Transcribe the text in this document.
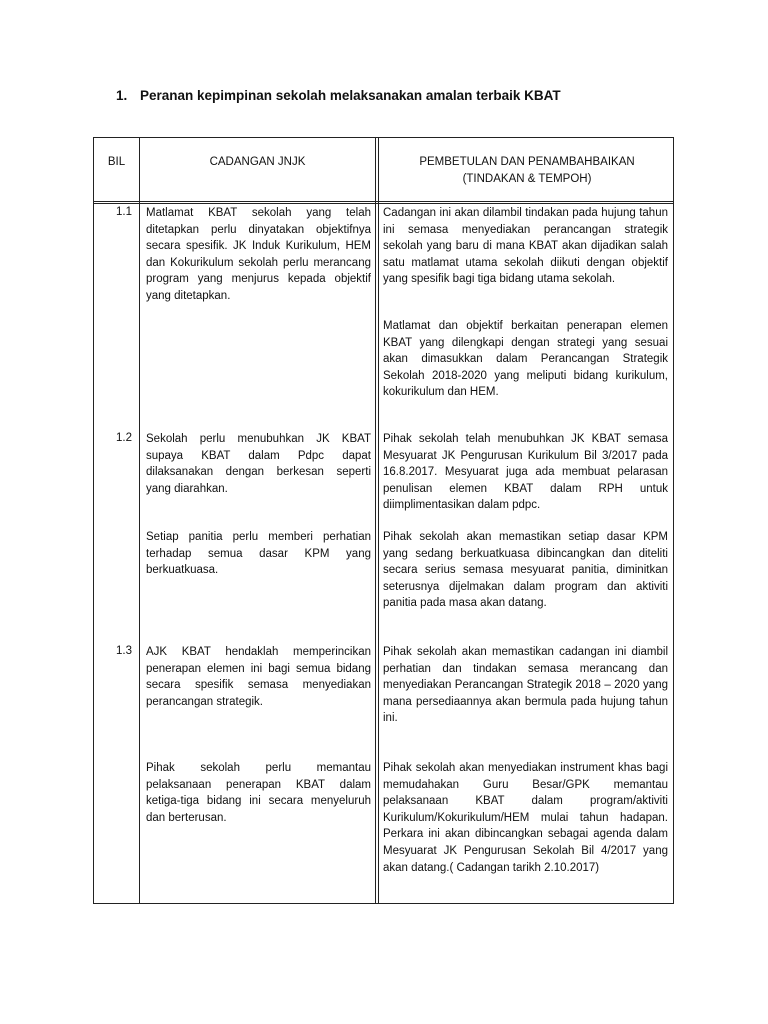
1. Peranan kepimpinan sekolah melaksanakan amalan terbaik KBAT
BIL	CADANGAN JNJK	PEMBETULAN DAN PENAMBAHBAIKAN
(TINDAKAN & TEMPOH)
1.1 Matlamat KBAT sekolah yang telah ditetapkan perlu dinyatakan objektifnya secara spesifik. JK Induk Kurikulum, HEM dan Kokurikulum sekolah perlu merancang program yang menjurus kepada objektif yang ditetapkan.
Cadangan ini akan dilambil tindakan pada hujung tahun ini semasa menyediakan perancangan strategik sekolah yang baru di mana KBAT akan dijadikan salah satu matlamat utama sekolah diikuti dengan objektif yang spesifik bagi tiga bidang utama sekolah.
Matlamat dan objektif berkaitan penerapan elemen KBAT yang dilengkapi dengan strategi yang sesuai akan dimasukkan dalam Perancangan Strategik Sekolah 2018-2020 yang meliputi bidang kurikulum, kokurikulum dan HEM.
1.2 Sekolah perlu menubuhkan JK KBAT supaya KBAT dalam Pdpc dapat dilaksanakan dengan berkesan seperti yang diarahkan.
Pihak sekolah telah menubuhkan JK KBAT semasa Mesyuarat JK Pengurusan Kurikulum Bil 3/2017 pada 16.8.2017. Mesyuarat juga ada membuat pelarasan penulisan elemen KBAT dalam RPH untuk diimplimentasikan dalam pdpc.
Setiap panitia perlu memberi perhatian terhadap semua dasar KPM yang berkuatkuasa.
Pihak sekolah akan memastikan setiap dasar KPM yang sedang berkuatkuasa dibincangkan dan diteliti secara serius semasa mesyuarat panitia, diminitkan seterusnya dijelmakan dalam program dan aktiviti panitia pada masa akan datang.
1.3 AJK KBAT hendaklah memperincikan penerapan elemen ini bagi semua bidang secara spesifik semasa menyediakan perancangan strategik.
Pihak sekolah akan memastikan cadangan ini diambil perhatian dan tindakan semasa merancang dan menyediakan Perancangan Strategik 2018 – 2020 yang mana persediaannya akan bermula pada hujung tahun ini.
Pihak sekolah perlu memantau pelaksanaan penerapan KBAT dalam ketiga-tiga bidang ini secara menyeluruh dan berterusan.
Pihak sekolah akan menyediakan instrument khas bagi memudahakan Guru Besar/GPK memantau pelaksanaan KBAT dalam program/aktiviti Kurikulum/Kokurikulum/HEM mulai tahun hadapan. Perkara ini akan dibincangkan sebagai agenda dalam Mesyuarat JK Pengurusan Sekolah Bil 4/2017 yang akan datang.( Cadangan tarikh 2.10.2017)
